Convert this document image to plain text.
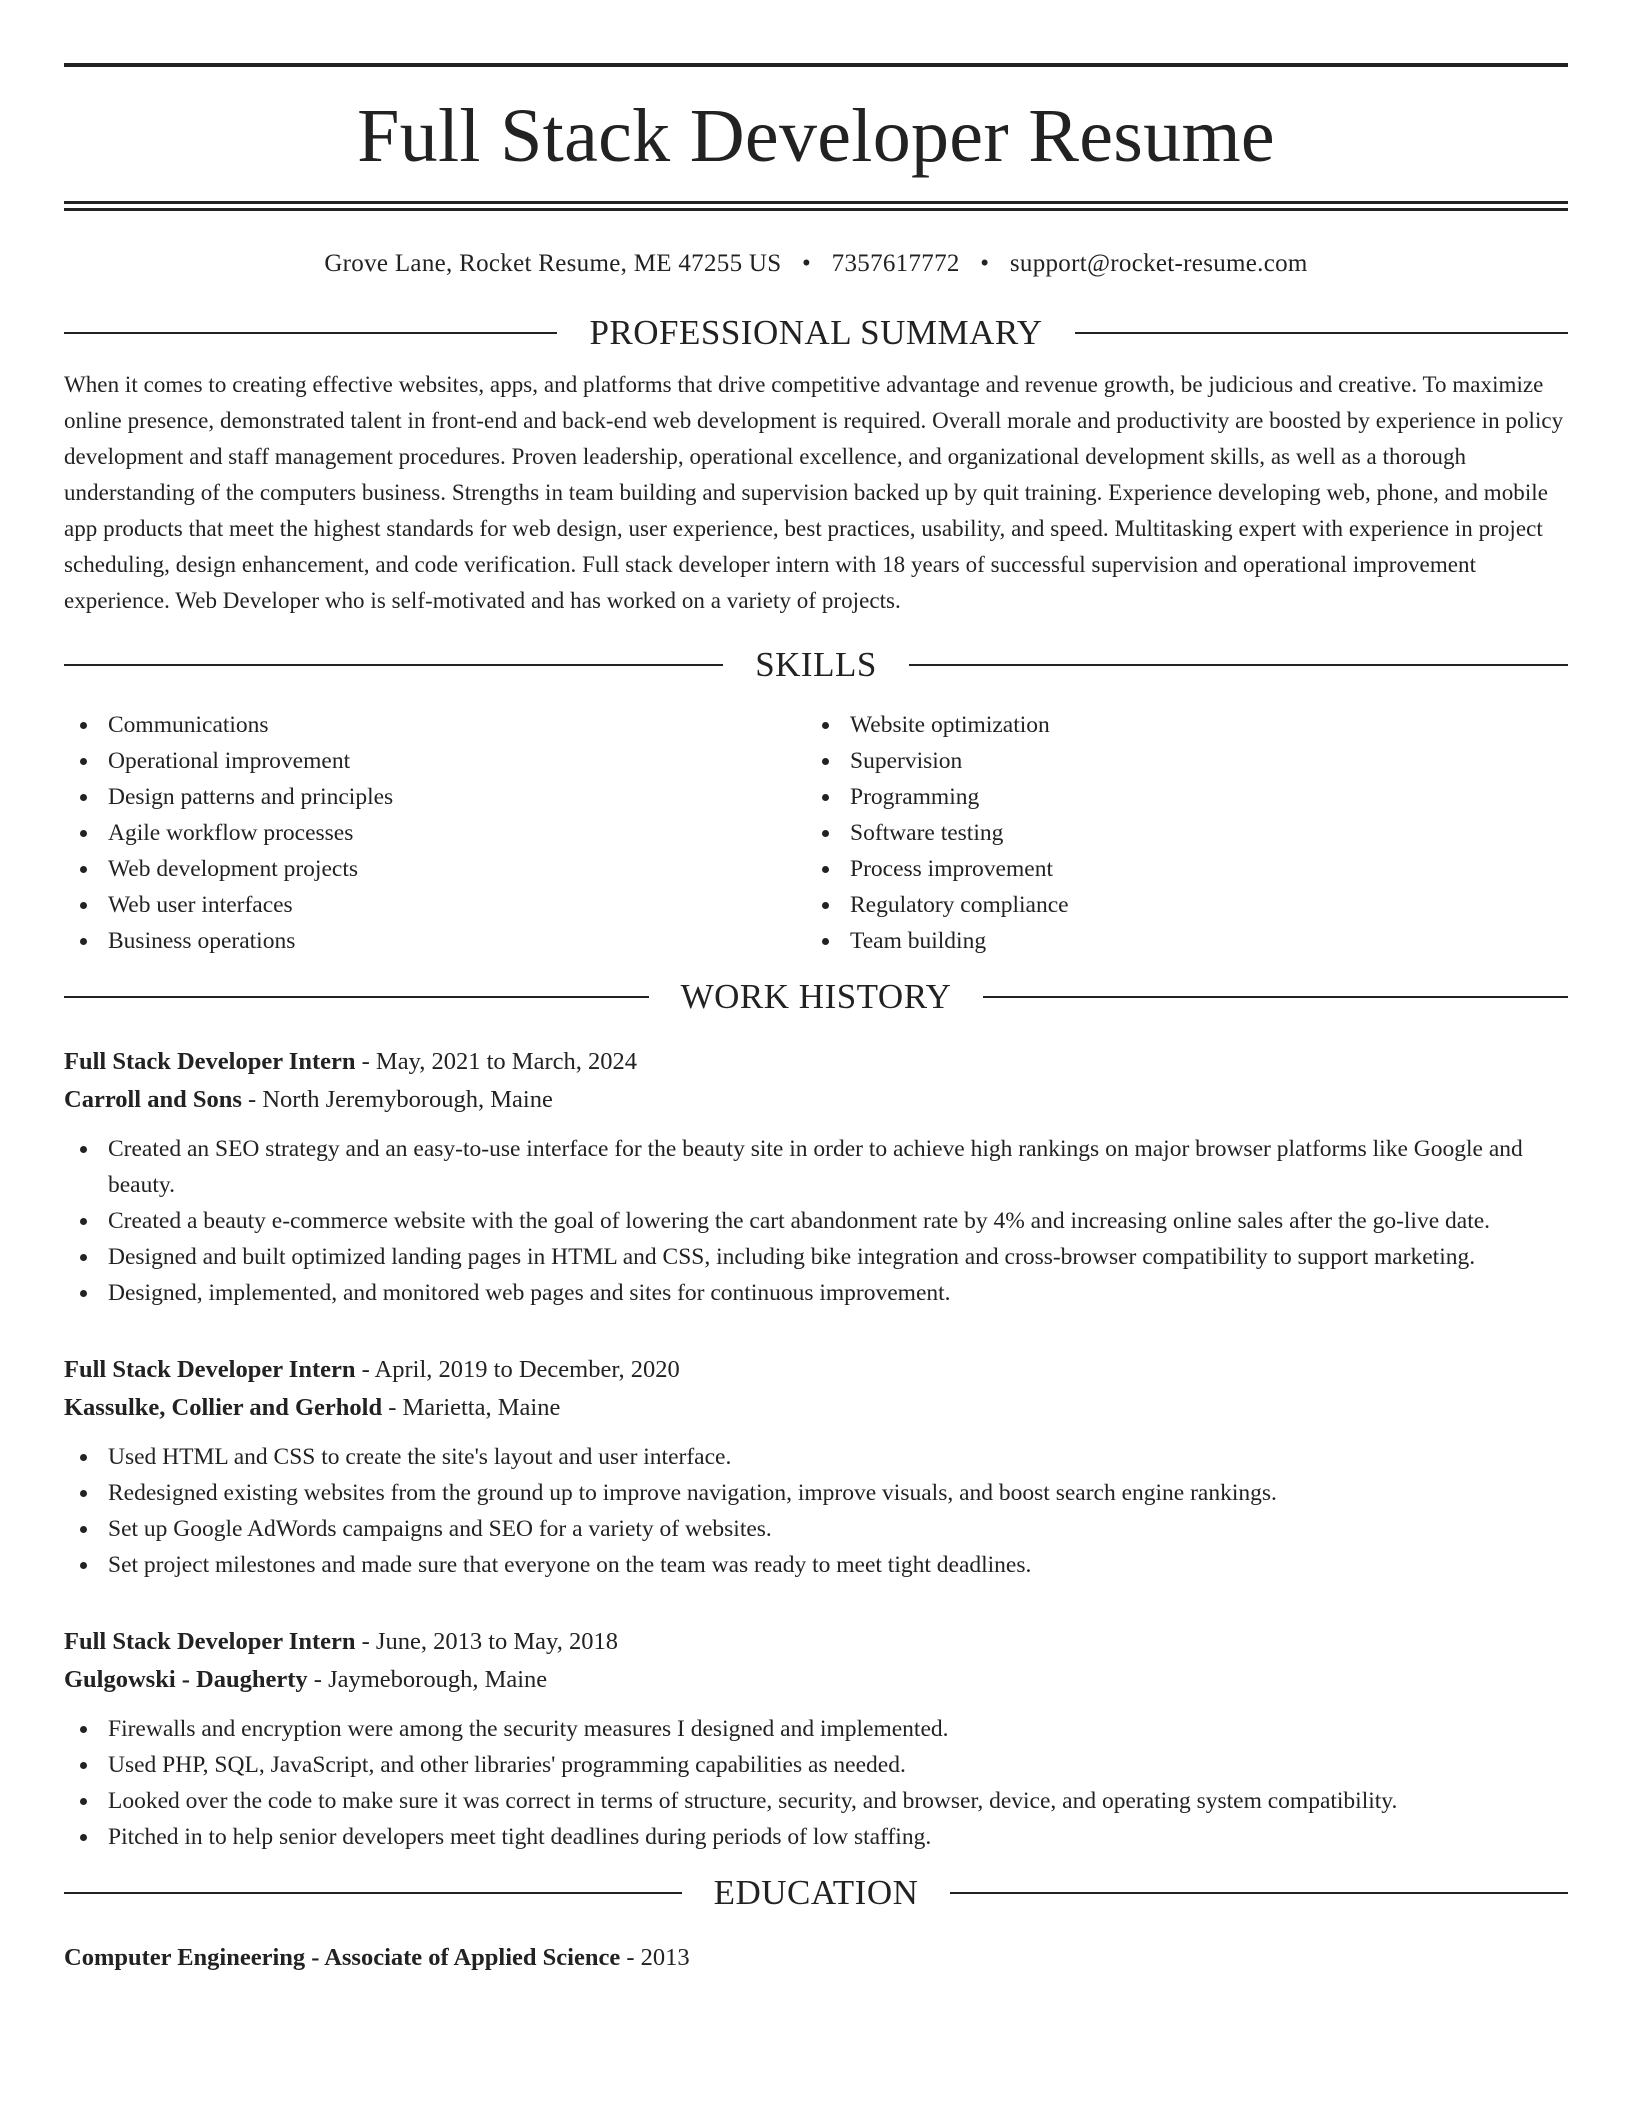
Full Stack Developer Resume
Grove Lane, Rocket Resume, ME 47255 US • 7357617772 • support@rocket-resume.com
PROFESSIONAL SUMMARY

When it comes to creating effective websites, apps, and platforms that drive competitive advantage and revenue growth, be judicious and creative. To maximize online presence, demonstrated talent in front-end and back-end web development is required. Overall morale and productivity are boosted by experience in policy development and staff management procedures. Proven leadership, operational excellence, and organizational development skills, as well as a thorough understanding of the computers business. Strengths in team building and supervision backed up by quit training. Experience developing web, phone, and mobile app products that meet the highest standards for web design, user experience, best practices, usability, and speed. Multitasking expert with experience in project scheduling, design enhancement, and code verification. Full stack developer intern with 18 years of successful supervision and operational improvement experience. Web Developer who is self-motivated and has worked on a variety of projects.

SKILLS
Communications
Operational improvement
Design patterns and principles
Agile workflow processes
Web development projects
Web user interfaces
Business operations
Website optimization
Supervision
Programming
Software testing
Process improvement
Regulatory compliance
Team building
WORK HISTORY
Full Stack Developer Intern - May, 2021 to March, 2024
Carroll and Sons - North Jeremyborough, Maine
Created an SEO strategy and an easy-to-use interface for the beauty site in order to achieve high rankings on major browser platforms like Google and beauty.
Created a beauty e-commerce website with the goal of lowering the cart abandonment rate by 4% and increasing online sales after the go-live date.
Designed and built optimized landing pages in HTML and CSS, including bike integration and cross-browser compatibility to support marketing.
Designed, implemented, and monitored web pages and sites for continuous improvement.
Full Stack Developer Intern - April, 2019 to December, 2020
Kassulke, Collier and Gerhold - Marietta, Maine
Used HTML and CSS to create the site's layout and user interface.
Redesigned existing websites from the ground up to improve navigation, improve visuals, and boost search engine rankings.
Set up Google AdWords campaigns and SEO for a variety of websites.
Set project milestones and made sure that everyone on the team was ready to meet tight deadlines.
Full Stack Developer Intern - June, 2013 to May, 2018
Gulgowski - Daugherty - Jaymeborough, Maine
Firewalls and encryption were among the security measures I designed and implemented.
Used PHP, SQL, JavaScript, and other libraries' programming capabilities as needed.
Looked over the code to make sure it was correct in terms of structure, security, and browser, device, and operating system compatibility.
Pitched in to help senior developers meet tight deadlines during periods of low staffing.
EDUCATION
Computer Engineering - Associate of Applied Science - 2013
